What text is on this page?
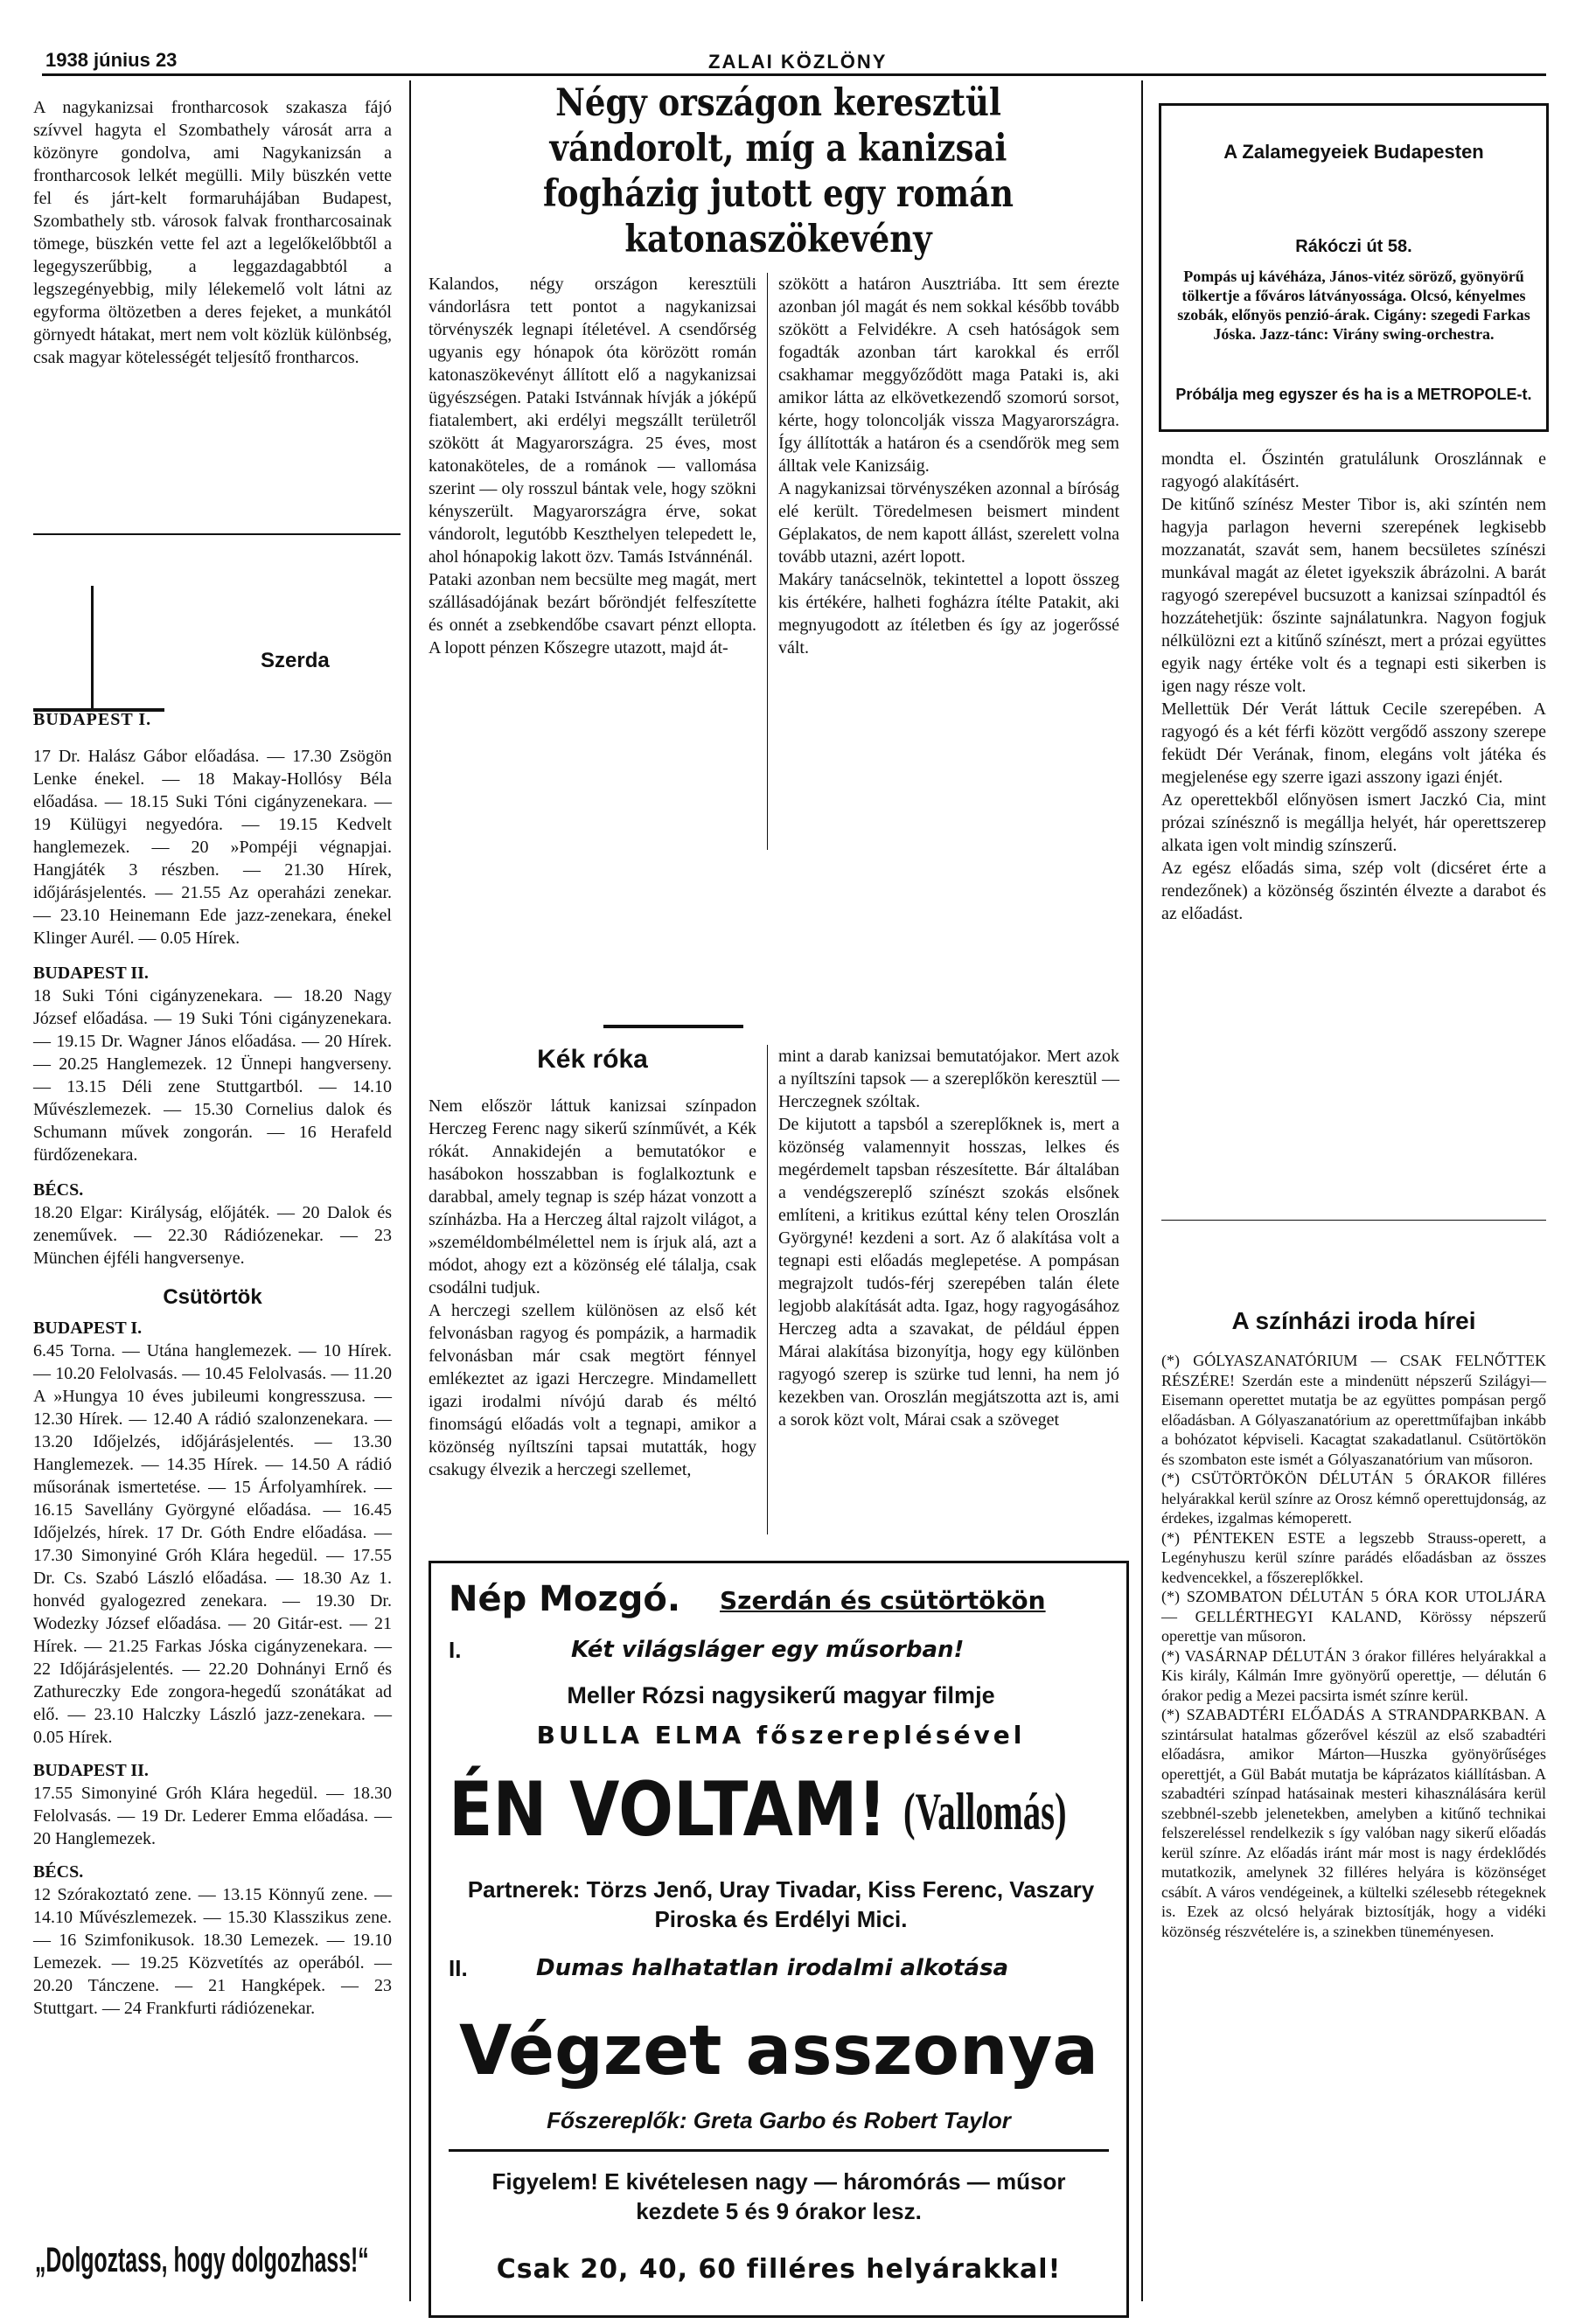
1938 június 23	ZALAI KÖZLÖNY

A nagykanizsai frontharcosok szakasza fájó szívvel hagyta el Szombathely városát arra a közönyre gondolva, ami Nagykanizsán a frontharcosok lelkét megülli. Mily büszkén vette fel és járt-kelt formaruhájában Budapest, Szombathely stb. városok falvak frontharcosainak tömege, büszkén vette fel azt a legelőkelőbbtől a legegyszerűbbig, a leggazdagabbtól a legszegényebbig, mily lélekemelő volt látni az egyforma öltözetben a deres fejeket, a munkától görnyedt hátakat, mert nem volt közlük különbség, csak magyar kötelességét teljesítő frontharcos.

Szerda
BUDAPEST I.

17 Dr. Halász Gábor előadása. — 17.30 Zsögön Lenke énekel. — 18 Makay-Hollósy Béla előadása. — 18.15 Suki Tóni cigányzenekara. — 19 Külügyi negyedóra. — 19.15 Kedvelt hanglemezek. — 20 »Pompéji végnapjai. Hangjáték 3 részben. — 21.30 Hírek, időjárásjelentés. — 21.55 Az operaházi zenekar. — 23.10 Heinemann Ede jazz-zenekara, énekel Klinger Aurél. — 0.05 Hírek.

BUDAPEST II.

18 Suki Tóni cigányzenekara. — 18.20 Nagy József előadása. — 19 Suki Tóni cigányzenekara. — 19.15 Dr. Wagner János előadása. — 20 Hírek. — 20.25 Hanglemezek. 12 Ünnepi hangverseny. — 13.15 Déli zene Stuttgartból. — 14.10 Művészlemezek. — 15.30 Cornelius dalok és Schumann művek zongorán. — 16 Herafeld fürdőzenekara.

BÉCS.

18.20 Elgar: Királyság, előjáték. — 20 Dalok és zeneművek. — 22.30 Rádiózenekar. — 23 München éjféli hangversenye.

Csütörtök
BUDAPEST I.

6.45 Torna. — Utána hanglemezek. — 10 Hírek. — 10.20 Felolvasás. — 10.45 Felolvasás. — 11.20 A »Hungya 10 éves jubileumi kongresszusa. — 12.30 Hírek. — 12.40 A rádió szalonzenekara. — 13.20 Időjelzés, időjárásjelentés. — 13.30 Hanglemezek. — 14.35 Hírek. — 14.50 A rádió műsorának ismertetése. — 15 Árfolyamhírek. — 16.15 Savellány Györgyné előadása. — 16.45 Időjelzés, hírek. 17 Dr. Góth Endre előadása. — 17.30 Simonyiné Gróh Klára hegedül. — 17.55 Dr. Cs. Szabó László előadása. — 18.30 Az 1. honvéd gyalogezred zenekara. — 19.30 Dr. Wodezky József előadása. — 20 Gitár-est. — 21 Hírek. — 21.25 Farkas Jóska cigányzenekara. — 22 Időjárásjelentés. — 22.20 Dohnányi Ernő és Zathureczky Ede zongora-hegedű szonátákat ad elő. — 23.10 Halczky László jazz-zenekara. — 0.05 Hírek.

BUDAPEST II.

17.55 Simonyiné Gróh Klára hegedül. — 18.30 Felolvasás. — 19 Dr. Lederer Emma előadása. — 20 Hanglemezek.

BÉCS.

12 Szórakoztató zene. — 13.15 Könnyű zene. — 14.10 Művészlemezek. — 15.30 Klasszikus zene. — 16 Szimfonikusok. 18.30 Lemezek. — 19.10 Lemezek. — 19.25 Közvetítés az operából. — 20.20 Tánczene. — 21 Hangképek. — 23 Stuttgart. — 24 Frankfurti rádiózenekar.

„Dolgoztass, hogy dolgozhass!“
Négy országon keresztül vándorolt, míg a kanizsai fogházig jutott egy román katonaszökevény

Kalandos, négy országon keresztüli vándorlásra tett pontot a nagykanizsai törvényszék legnapi ítéletével. A csendőrség ugyanis egy hónapok óta körözött román katonaszökevényt állított elő a nagykanizsai ügyészségen. Pataki Istvánnak hívják a jóképű fiatalembert, aki erdélyi megszállt területről szökött át Magyarországra. 25 éves, most katonaköteles, de a románok — vallomása szerint — oly rosszul bántak vele, hogy szökni kényszerült. Magyarországra érve, sokat vándorolt, legutóbb Keszthelyen telepedett le, ahol hónapokig lakott özv. Tamás Istvánnénál.
Pataki azonban nem becsülte meg magát, mert szállásadójának bezárt bőröndjét felfeszítette és onnét a zsebkendőbe csavart pénzt ellopta. A lopott pénzen Kőszegre utazott, majd át-

szökött a határon Ausztriába. Itt sem érezte azonban jól magát és nem sokkal később tovább szökött a Felvidékre. A cseh hatóságok sem fogadták azonban tárt karokkal és erről csakhamar meggyőződött maga Pataki is, aki amikor látta az elkövetkezendő szomorú sorsot, kérte, hogy toloncolják vissza Magyarországra. Így állították a határon és a csendőrök meg sem álltak vele Kanizsáig.
A nagykanizsai törvényszéken azonnal a bíróság elé került. Töredelmesen beismert mindent Géplakatos, de nem kapott állást, szerelett volna tovább utazni, azért lopott.
Makáry tanácselnök, tekintettel a lopott összeg kis értékére, halheti fogházra ítélte Patakit, aki megnyugodott az ítéletben és így az jogerőssé vált.

Kék róka

Nem először láttuk kanizsai színpadon Herczeg Ferenc nagy sikerű színművét, a Kék rókát. Annakidején a bemutatókor e hasábokon hosszabban is foglalkoztunk e darabbal, amely tegnap is szép házat vonzott a színházba. Ha a Herczeg által rajzolt világot, a »személdombélmélettel nem is írjuk alá, azt a módot, ahogy ezt a közönség elé tálalja, csak csodálni tudjuk.
A herczegi szellem különösen az első két felvonásban ragyog és pompázik, a harmadik felvonásban már csak megtört fénnyel emlékeztet az igazi Herczegre. Mindamellett igazi irodalmi nívójú darab és méltó finomságú előadás volt a tegnapi, amikor a közönség nyíltszíni tapsai mutatták, hogy csakugy élvezik a herczegi szellemet,

mint a darab kanizsai bemutatójakor. Mert azok a nyíltszíni tapsok — a szereplőkön keresztül — Herczegnek szóltak.
De kijutott a tapsból a szereplőknek is, mert a közönség valamennyit hosszas, lelkes és megérdemelt tapsban részesítette. Bár általában a vendégszereplő színészt szokás elsőnek említeni, a kritikus ezúttal kény telen Oroszlán Györgyné! kezdeni a sort. Az ő alakítása volt a tegnapi esti előadás meglepetése. A pompásan megrajzolt tudós-férj szerepében talán élete legjobb alakítását adta. Igaz, hogy ragyogásához Herczeg adta a szavakat, de például éppen Márai alakítása bizonyítja, hogy egy különben ragyogó szerep is szürke tud lenni, ha nem jó kezekben van. Oroszlán megjátszotta azt is, ami a sorok közt volt, Márai csak a szöveget

A Zalamegyeiek Budapesten
Rákóczi út 58.

Pompás uj kávéháza, János-vitéz söröző, gyönyörű tölkertje a főváros látványossága. Olcsó, kényelmes szobák, előnyös penzió-árak. Cigány: szegedi Farkas Jóska. Jazz-tánc: Virány swing-orchestra.

Próbálja meg egyszer és ha is a METROPOLE-t.

mondta el. Őszintén gratulálunk Oroszlánnak e ragyogó alakításért.
De kitűnő színész Mester Tibor is, aki színtén nem hagyja parlagon heverni szerepének legkisebb mozzanatát, szavát sem, hanem becsületes színészi munkával magát az életet igyekszik ábrázolni. A barát ragyogó szerepével bucsuzott a kanizsai színpadtól és hozzátehetjük: őszinte sajnálatunkra. Nagyon fogjuk nélkülözni ezt a kitűnő színészt, mert a prózai együttes egyik nagy értéke volt és a tegnapi esti sikerben is igen nagy része volt.
Mellettük Dér Verát láttuk Cecile szerepében. A ragyogó és a két férfi között vergődő asszony szerepe feküdt Dér Verának, finom, elegáns volt játéka és megjelenése egy szerre igazi asszony igazi énjét.
Az operettekből előnyösen ismert Jaczkó Cia, mint prózai színésznő is megállja helyét, hár operettszerep alkata igen volt mindig színszerű.
Az egész előadás sima, szép volt (dicséret érte a rendezőnek) a közönség őszintén élvezte a darabot és az előadást.

A színházi iroda hírei

(*) GÓLYASZANATÓRIUM — CSAK FELNŐTTEK RÉSZÉRE! Szerdán este a mindenütt népszerű Szilágyi—Eisemann operettet mutatja be az együttes pompásan pergő előadásban. A Gólyaszanatórium az operettműfajban inkább a bohózatot képviseli. Kacagtat szakadatlanul. Csütörtökön és szombaton este ismét a Gólyaszanatórium van műsoron.
(*) CSÜTÖRTÖKÖN DÉLUTÁN 5 ÓRAKOR filléres helyárakkal kerül színre az Orosz kémnő operettujdonság, az érdekes, izgalmas kémoperett.
(*) PÉNTEKEN ESTE a legszebb Strauss-operett, a Legényhuszu kerül színre parádés előadásban az összes kedvencekkel, a főszereplőkkel.
(*) SZOMBATON DÉLUTÁN 5 ÓRA KOR UTOLJÁRA — GELLÉRTHEGYI KALAND, Körössy népszerű operettje van műsoron.
(*) VASÁRNAP DÉLUTÁN 3 órakor filléres helyárakkal a Kis király, Kálmán Imre gyönyörű operettje, — délután 6 órakor pedig a Mezei pacsirta ismét színre kerül.
(*) SZABADTÉRI ELŐADÁS A STRANDPARKBAN. A szintársulat hatalmas gőzerővel készül az első szabadtéri előadásra, amikor Márton—Huszka gyönyörűséges operettjét, a Gül Babát mutatja be káprázatos kiállításban. A szabadtéri színpad hatásainak mesteri kihasználására kerül szebbnél-szebb jelenetekben, amelyben a kitűnő technikai felszereléssel rendelkezik s így valóban nagy sikerű előadás kerül színre. Az előadás iránt már most is nagy érdeklődés mutatkozik, amelynek 32 filléres helyára is közönséget csábít. A város vendégeinek, a kültelki szélesebb rétegeknek is. Ezek az olcsó helyárak biztosítják, hogy a vidéki közönség részvételére is, a szinekben tüneményesen.

Nép Mozgó. Szerdán és csütörtökön
I.	Két világsláger egy műsorban!
Meller Rózsi nagysikerű magyar filmje
BULLA ELMA főszereplésével
ÉN VOLTAM! (Vallomás)
Partnerek: Törzs Jenő, Uray Tivadar, Kiss Ferenc, Vaszary Piroska és Erdélyi Mici.
II.	Dumas halhatatlan irodalmi alkotása
Végzet asszonya
Főszereplők: Greta Garbo és Robert Taylor
Figyelem! E kivételesen nagy — háromórás — műsor kezdete 5 és 9 órakor lesz.
Csak 20, 40, 60 filléres helyárakkal!
